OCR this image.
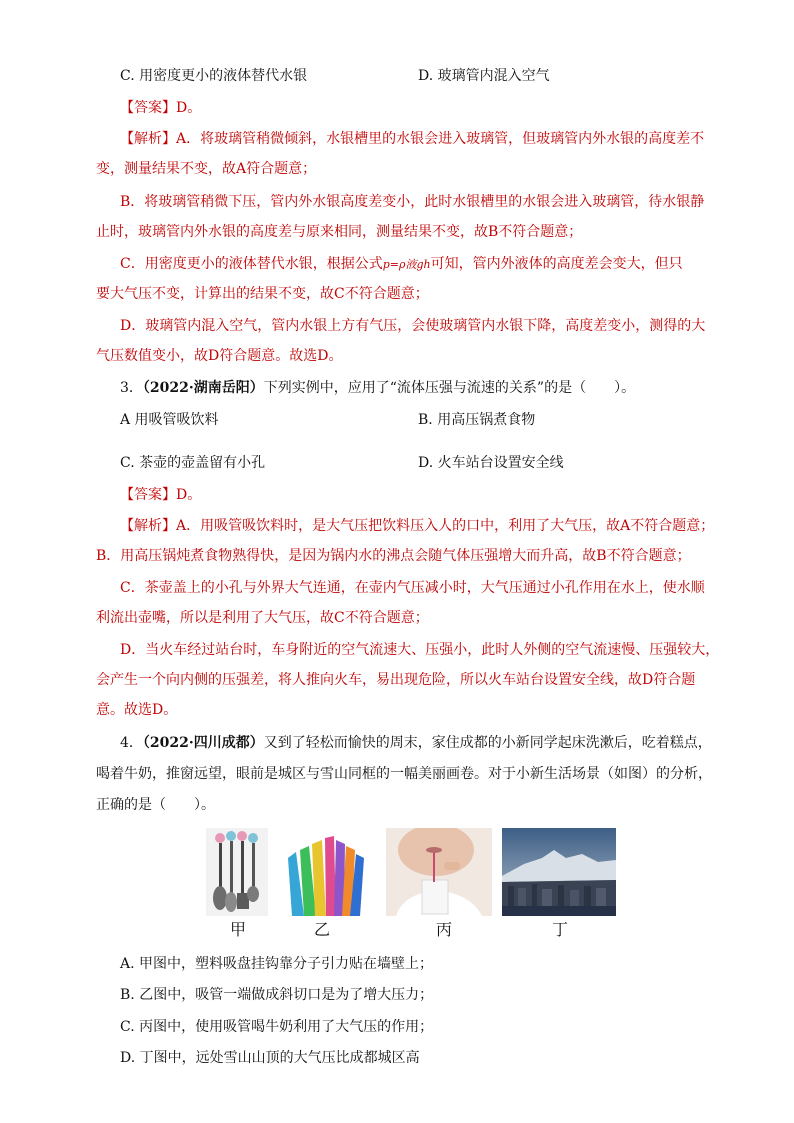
C. 用密度更小的液体替代水银	D. 玻璃管内混入空气
【答案】D。
【解析】A．将玻璃管稍微倾斜，水银槽里的水银会进入玻璃管，但玻璃管内外水银的高度差不
变，测量结果不变，故A符合题意；
B．将玻璃管稍微下压，管内外水银高度差变小，此时水银槽里的水银会进入玻璃管，待水银静
止时，玻璃管内外水银的高度差与原来相同，测量结果不变，故B不符合题意；
C．用密度更小的液体替代水银，根据公式p=ρ液gh可知，管内外液体的高度差会变大，但只
要大气压不变，计算出的结果不变，故C不符合题意；
D．玻璃管内混入空气，管内水银上方有气压，会使玻璃管内水银下降，高度差变小，测得的大
气压数值变小，故D符合题意。故选D。
3．（2022·湖南岳阳）下列实例中，应用了“流体压强与流速的关系”的是（　　）。
A 用吸管吸饮料	B. 用高压锅煮食物
C. 茶壶的壶盖留有小孔	D. 火车站台设置安全线
【答案】D。
【解析】A．用吸管吸饮料时，是大气压把饮料压入人的口中，利用了大气压，故A不符合题意；
B．用高压锅炖煮食物熟得快，是因为锅内水的沸点会随气体压强增大而升高，故B不符合题意；
C．茶壶盖上的小孔与外界大气连通，在壶内气压减小时，大气压通过小孔作用在水上，使水顺
利流出壶嘴，所以是利用了大气压，故C不符合题意；
D．当火车经过站台时，车身附近的空气流速大、压强小，此时人外侧的空气流速慢、压强较大，
会产生一个向内侧的压强差，将人推向火车，易出现危险，所以火车站台设置安全线，故D符合题
意。故选D。
4．（2022·四川成都）又到了轻松而愉快的周末，家住成都的小新同学起床洗漱后，吃着糕点，
喝着牛奶，推窗远望，眼前是城区与雪山同框的一幅美丽画卷。对于小新生活场景（如图）的分析，
正确的是（　　）。
甲	乙	丙	丁
A. 甲图中，塑料吸盘挂钩靠分子引力贴在墙壁上；
B. 乙图中，吸管一端做成斜切口是为了增大压力；
C. 丙图中，使用吸管喝牛奶利用了大气压的作用；
D. 丁图中，远处雪山山顶的大气压比成都城区高
